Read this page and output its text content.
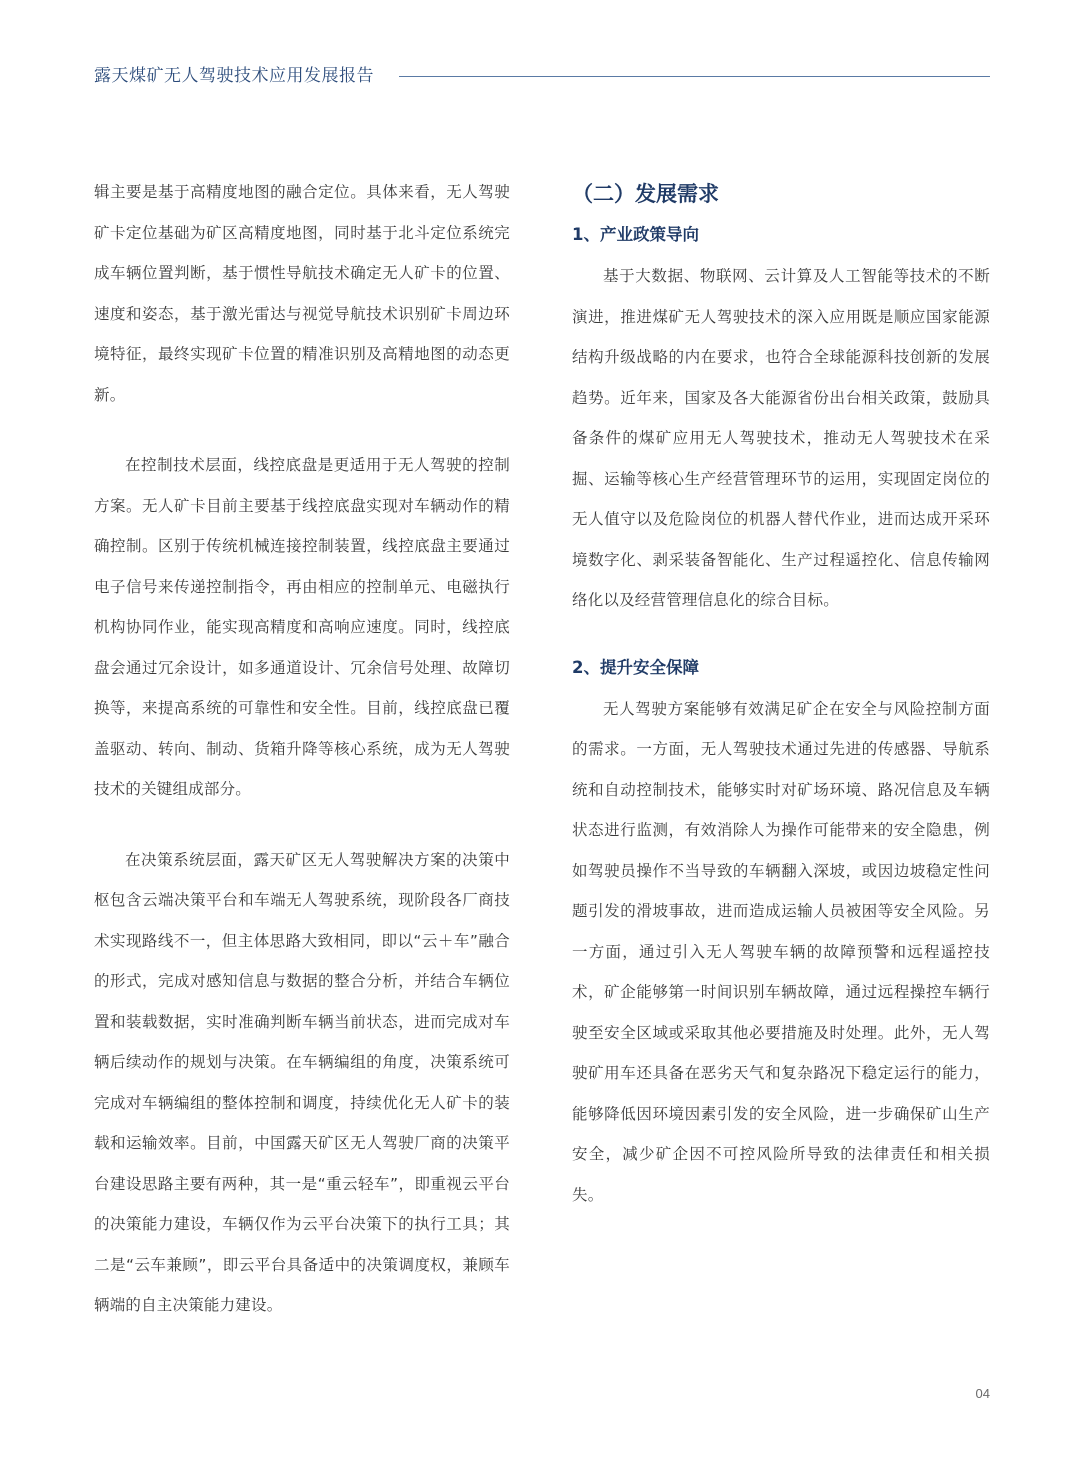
露天煤矿无人驾驶技术应用发展报告

辑主要是基于高精度地图的融合定位。具体来看，无人驾驶矿卡定位基础为矿区高精度地图，同时基于北斗定位系统完成车辆位置判断，基于惯性导航技术确定无人矿卡的位置、速度和姿态，基于激光雷达与视觉导航技术识别矿卡周边环境特征，最终实现矿卡位置的精准识别及高精地图的动态更新。

在控制技术层面，线控底盘是更适用于无人驾驶的控制方案。无人矿卡目前主要基于线控底盘实现对车辆动作的精确控制。区别于传统机械连接控制装置，线控底盘主要通过电子信号来传递控制指令，再由相应的控制单元、电磁执行机构协同作业，能实现高精度和高响应速度。同时，线控底盘会通过冗余设计，如多通道设计、冗余信号处理、故障切换等，来提高系统的可靠性和安全性。目前，线控底盘已覆盖驱动、转向、制动、货箱升降等核心系统，成为无人驾驶技术的关键组成部分。

在决策系统层面，露天矿区无人驾驶解决方案的决策中枢包含云端决策平台和车端无人驾驶系统，现阶段各厂商技术实现路线不一，但主体思路大致相同，即以“云＋车”融合的形式，完成对感知信息与数据的整合分析，并结合车辆位置和装载数据，实时准确判断车辆当前状态，进而完成对车辆后续动作的规划与决策。在车辆编组的角度，决策系统可完成对车辆编组的整体控制和调度，持续优化无人矿卡的装载和运输效率。目前，中国露天矿区无人驾驶厂商的决策平台建设思路主要有两种，其一是“重云轻车”，即重视云平台的决策能力建设，车辆仅作为云平台决策下的执行工具；其二是“云车兼顾”，即云平台具备适中的决策调度权，兼顾车辆端的自主决策能力建设。

（二）发展需求
1、产业政策导向

基于大数据、物联网、云计算及人工智能等技术的不断演进，推进煤矿无人驾驶技术的深入应用既是顺应国家能源结构升级战略的内在要求，也符合全球能源科技创新的发展趋势。近年来，国家及各大能源省份出台相关政策，鼓励具备条件的煤矿应用无人驾驶技术，推动无人驾驶技术在采掘、运输等核心生产经营管理环节的运用，实现固定岗位的无人值守以及危险岗位的机器人替代作业，进而达成开采环境数字化、剥采装备智能化、生产过程遥控化、信息传输网络化以及经营管理信息化的综合目标。

2、提升安全保障

无人驾驶方案能够有效满足矿企在安全与风险控制方面的需求。一方面，无人驾驶技术通过先进的传感器、导航系统和自动控制技术，能够实时对矿场环境、路况信息及车辆状态进行监测，有效消除人为操作可能带来的安全隐患，例如驾驶员操作不当导致的车辆翻入深坡，或因边坡稳定性问题引发的滑坡事故，进而造成运输人员被困等安全风险。另一方面，通过引入无人驾驶车辆的故障预警和远程遥控技术，矿企能够第一时间识别车辆故障，通过远程操控车辆行驶至安全区域或采取其他必要措施及时处理。此外，无人驾驶矿用车还具备在恶劣天气和复杂路况下稳定运行的能力，能够降低因环境因素引发的安全风险，进一步确保矿山生产安全，减少矿企因不可控风险所导致的法律责任和相关损失。

04
